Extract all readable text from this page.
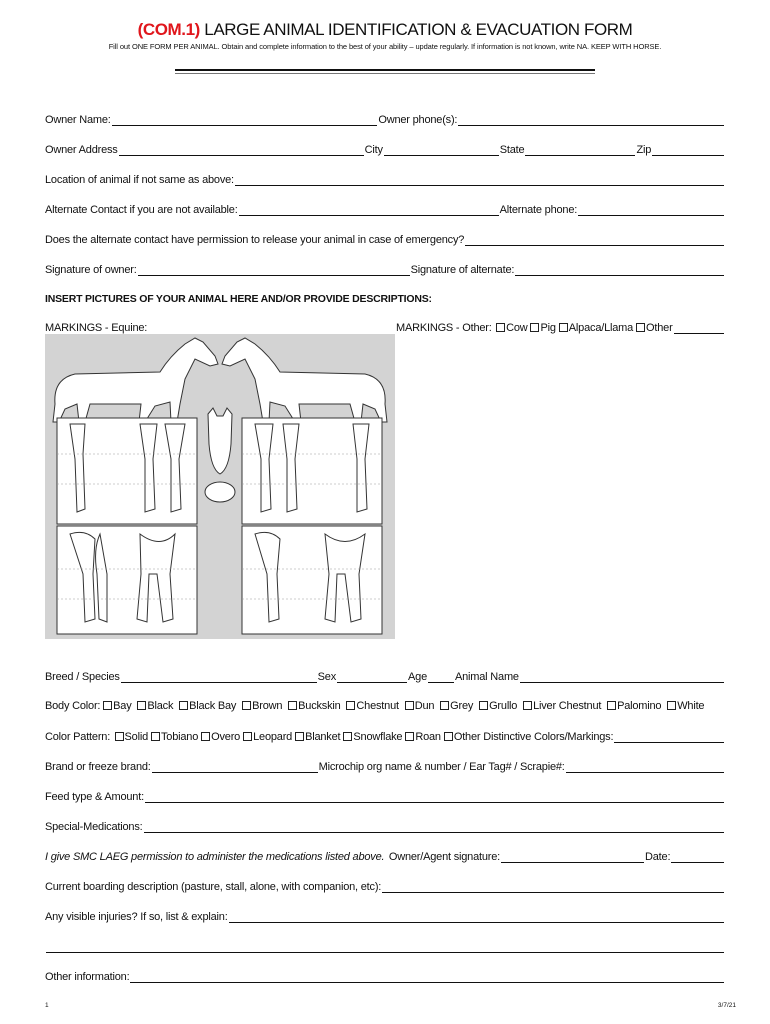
(COM.1) LARGE ANIMAL IDENTIFICATION & EVACUATION FORM
Fill out ONE FORM PER ANIMAL. Obtain and complete information to the best of your ability – update regularly. If information is not known, write NA. KEEP WITH HORSE.
Owner Name:	Owner phone(s):
Owner Address	City	State	Zip
Location of animal if not same as above:
Alternate Contact if you are not available:	Alternate phone:
Does the alternate contact have permission to release your animal in case of emergency?
Signature of owner:	Signature of alternate:
INSERT PICTURES OF YOUR ANIMAL HERE AND/OR PROVIDE DESCRIPTIONS:
MARKINGS - Equine:	MARKINGS - Other:
	Cow	Pig	Alpaca/Llama	Other
Breed / Species	Sex	Age	Animal Name
Body Color: Bay Black Black Bay Brown Buckskin Chestnut Dun Grey Grullo Liver Chestnut Palomino White
Color Pattern:
	Solid	Tobiano	Overo	Leopard	Blanket	Snowflake	Roan	Other Distinctive Colors/Markings:
Brand or freeze brand:	Microchip org name & number / Ear Tag# / Scrapie#:
Feed type & Amount:
Special-Medications:
I give SMC LAEG permission to administer the medications listed above.
Owner/Agent signature:	Date:
Current boarding description (pasture, stall, alone, with companion, etc):
Any visible injuries? If so, list & explain:
Other information:
1	3/7/21
